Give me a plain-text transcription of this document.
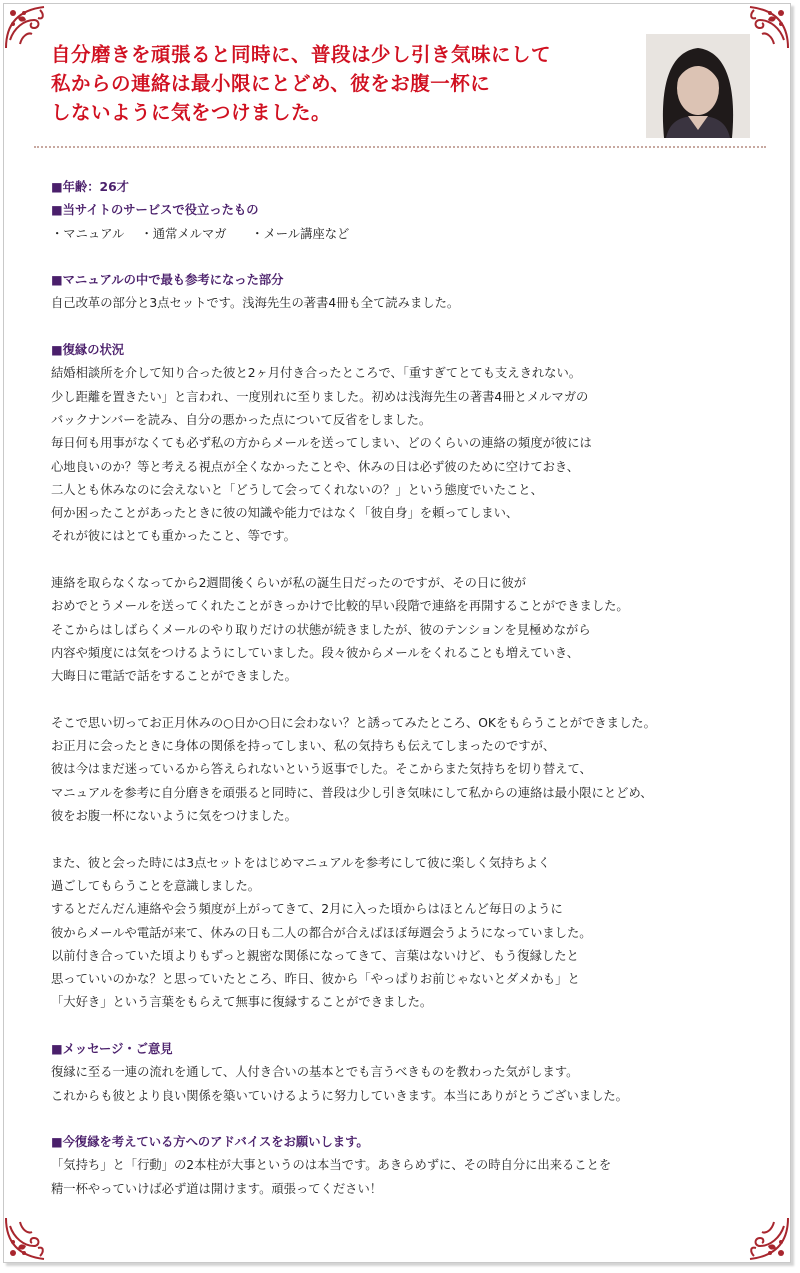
自分磨きを頑張ると同時に、普段は少し引き気味にして
私からの連絡は最小限にとどめ、彼をお腹一杯に
しないように気をつけました。
■年齢：26才
■当サイトのサービスで役立ったもの
・マニュアル　 ・通常メルマガ　　・メール講座など
■マニュアルの中で最も参考になった部分
自己改革の部分と3点セットです。浅海先生の著書4冊も全て読みました。
■復縁の状況
結婚相談所を介して知り合った彼と2ヶ月付き合ったところで、「重すぎてとても支えきれない。
少し距離を置きたい」と言われ、一度別れに至りました。初めは浅海先生の著書4冊とメルマガの
バックナンバーを読み、自分の悪かった点について反省をしました。
毎日何も用事がなくても必ず私の方からメールを送ってしまい、どのくらいの連絡の頻度が彼には
心地良いのか？等と考える視点が全くなかったことや、休みの日は必ず彼のために空けておき、
二人とも休みなのに会えないと「どうして会ってくれないの？」という態度でいたこと、
何か困ったことがあったときに彼の知識や能力ではなく「彼自身」を頼ってしまい、
それが彼にはとても重かったこと、等です。
連絡を取らなくなってから2週間後くらいが私の誕生日だったのですが、その日に彼が
おめでとうメールを送ってくれたことがきっかけで比較的早い段階で連絡を再開することができました。
そこからはしばらくメールのやり取りだけの状態が続きましたが、彼のテンションを見極めながら
内容や頻度には気をつけるようにしていました。段々彼からメールをくれることも増えていき、
大晦日に電話で話をすることができました。
そこで思い切ってお正月休みの○日か○日に会わない？と誘ってみたところ、OKをもらうことができました。
お正月に会ったときに身体の関係を持ってしまい、私の気持ちも伝えてしまったのですが、
彼は今はまだ迷っているから答えられないという返事でした。そこからまた気持ちを切り替えて、
マニュアルを参考に自分磨きを頑張ると同時に、普段は少し引き気味にして私からの連絡は最小限にとどめ、
彼をお腹一杯にないように気をつけました。
また、彼と会った時には3点セットをはじめマニュアルを参考にして彼に楽しく気持ちよく
過ごしてもらうことを意識しました。
するとだんだん連絡や会う頻度が上がってきて、2月に入った頃からはほとんど毎日のように
彼からメールや電話が来て、休みの日も二人の都合が合えばほぼ毎週会うようになっていました。
以前付き合っていた頃よりもずっと親密な関係になってきて、言葉はないけど、もう復縁したと
思っていいのかな？と思っていたところ、昨日、彼から「やっぱりお前じゃないとダメかも」と
「大好き」という言葉をもらえて無事に復縁することができました。
■メッセージ・ご意見
復縁に至る一連の流れを通して、人付き合いの基本とでも言うべきものを教わった気がします。
これからも彼とより良い関係を築いていけるように努力していきます。本当にありがとうございました。
■今復縁を考えている方へのアドバイスをお願いします。
「気持ち」と「行動」の2本柱が大事というのは本当です。あきらめずに、その時自分に出来ることを
精一杯やっていけば必ず道は開けます。頑張ってください！
